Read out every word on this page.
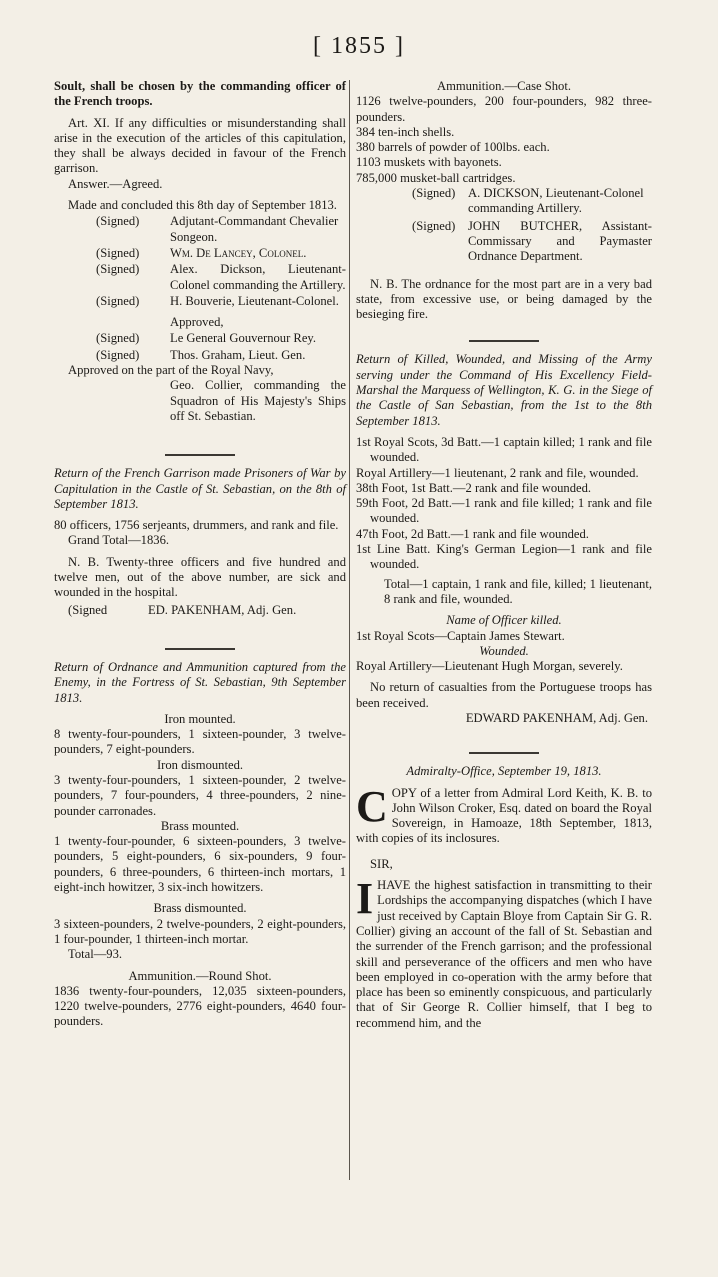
[ 1855 ]

Soult, shall be chosen by the commanding officer of the French troops.

Art. XI. If any difficulties or misunderstanding shall arise in the execution of the articles of this capitulation, they shall be always decided in favour of the French garrison.

Answer.—Agreed.

Made and concluded this 8th day of September 1813.

(Signed)	Adjutant-Commandant Chevalier Songeon.
(Signed)	Wm. De Lancey, Colonel.
(Signed)	Alex. Dickson, Lieutenant-Colonel commanding the Artillery.
(Signed)	H. Bouverie, Lieutenant-Colonel.

Approved,

(Signed)	Le General Gouvernour Rey.
(Signed)	Thos. Graham, Lieut. Gen.

Approved on the part of the Royal Navy,

Geo. Collier, commanding the Squadron of His Majesty's Ships off St. Sebastian.

Return of the French Garrison made Prisoners of War by Capitulation in the Castle of St. Sebastian, on the 8th of September 1813.

80 officers, 1756 serjeants, drummers, and rank and file.

Grand Total—1836.

N. B. Twenty-three officers and five hundred and twelve men, out of the above number, are sick and wounded in the hospital.

(Signed	ED. PAKENHAM, Adj. Gen.

Return of Ordnance and Ammunition captured from the Enemy, in the Fortress of St. Sebastian, 9th September 1813.

Iron mounted.

8 twenty-four-pounders, 1 sixteen-pounder, 3 twelve-pounders, 7 eight-pounders.

Iron dismounted.

3 twenty-four-pounders, 1 sixteen-pounder, 2 twelve-pounders, 7 four-pounders, 4 three-pounders, 2 nine-pounder carronades.

Brass mounted.

1 twenty-four-pounder, 6 sixteen-pounders, 3 twelve-pounders, 5 eight-pounders, 6 six-pounders, 9 four-pounders, 6 three-pounders, 6 thirteen-inch mortars, 1 eight-inch howitzer, 3 six-inch howitzers.

Brass dismounted.

3 sixteen-pounders, 2 twelve-pounders, 2 eight-pounders, 1 four-pounder, 1 thirteen-inch mortar.

Total—93.

Ammunition.—Round Shot.

1836 twenty-four-pounders, 12,035 sixteen-pounders, 1220 twelve-pounders, 2776 eight-pounders, 4640 four-pounders.

Ammunition.—Case Shot.

1126 twelve-pounders, 200 four-pounders, 982 three-pounders.

384 ten-inch shells.

380 barrels of powder of 100lbs. each.

1103 muskets with bayonets.

785,000 musket-ball cartridges.

(Signed)	A. DICKSON, Lieutenant-Colonel commanding Artillery.
(Signed)	JOHN BUTCHER, Assistant-Commissary and Paymaster Ordnance Department.

N. B. The ordnance for the most part are in a very bad state, from excessive use, or being damaged by the besieging fire.

Return of Killed, Wounded, and Missing of the Army serving under the Command of His Excellency Field-Marshal the Marquess of Wellington, K. G. in the Siege of the Castle of San Sebastian, from the 1st to the 8th September 1813.

1st Royal Scots, 3d Batt.—1 captain killed; 1 rank and file wounded.

Royal Artillery—1 lieutenant, 2 rank and file, wounded.

38th Foot, 1st Batt.—2 rank and file wounded.

59th Foot, 2d Batt.—1 rank and file killed; 1 rank and file wounded.

47th Foot, 2d Batt.—1 rank and file wounded.

1st Line Batt. King's German Legion—1 rank and file wounded.

Total—1 captain, 1 rank and file, killed; 1 lieutenant, 8 rank and file, wounded.

Name of Officer killed.

1st Royal Scots—Captain James Stewart.

Wounded.

Royal Artillery—Lieutenant Hugh Morgan, severely.

No return of casualties from the Portuguese troops has been received.

EDWARD PAKENHAM, Adj. Gen.

Admiralty-Office, September 19, 1813.

COPY of a letter from Admiral Lord Keith, K. B. to John Wilson Croker, Esq. dated on board the Royal Sovereign, in Hamoaze, 18th September, 1813, with copies of its inclosures.

SIR,

IHAVE the highest satisfaction in transmitting to their Lordships the accompanying dispatches (which I have just received by Captain Bloye from Captain Sir G. R. Collier) giving an account of the fall of St. Sebastian and the surrender of the French garrison; and the professional skill and perseverance of the officers and men who have been employed in co-operation with the army before that place has been so eminently conspicuous, and particularly that of Sir George R. Collier himself, that I beg to recommend him, and the
